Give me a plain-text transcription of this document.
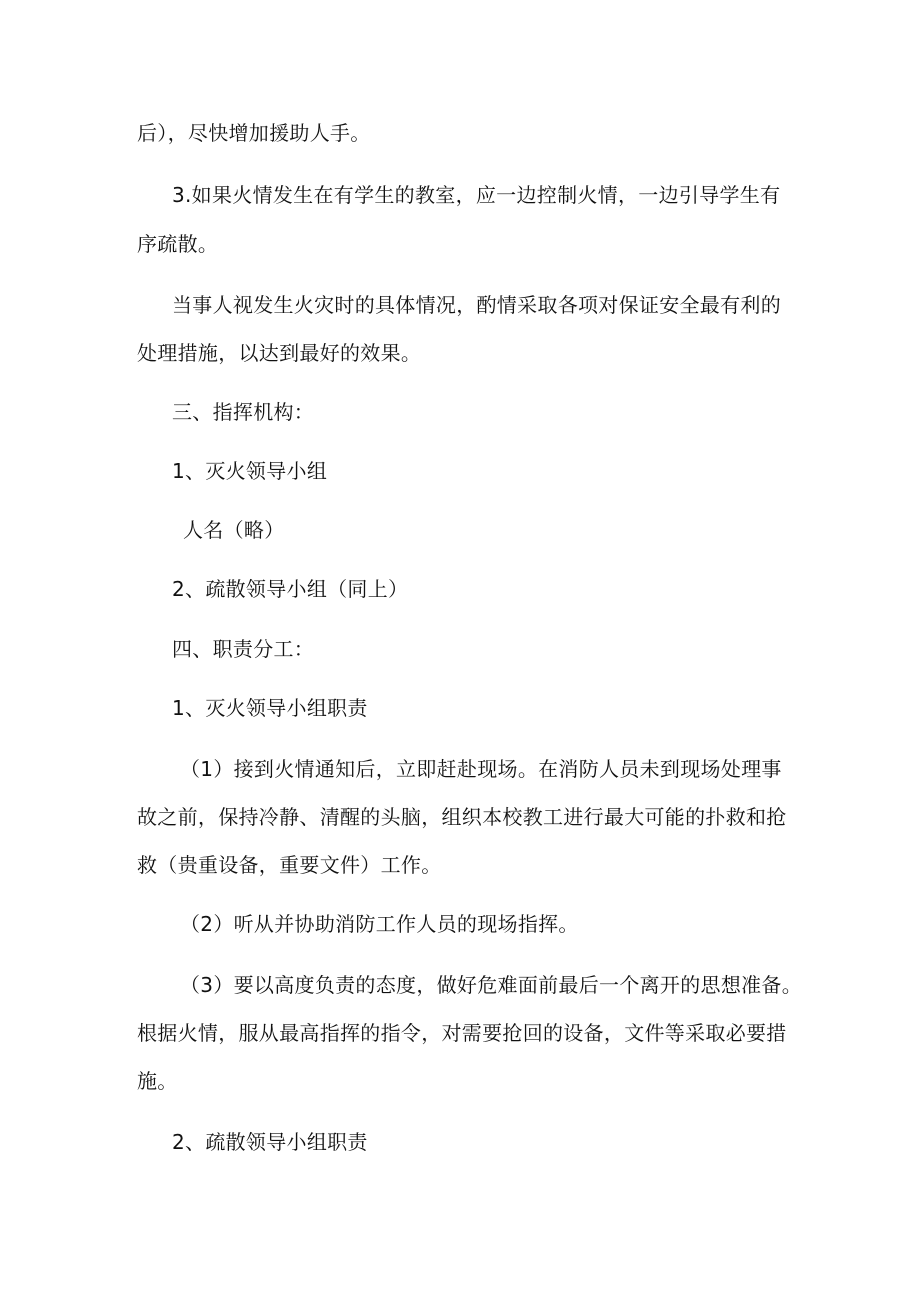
后），尽快增加援助人手。
3.如果火情发生在有学生的教室，应一边控制火情，一边引导学生有
序疏散。
当事人视发生火灾时的具体情况，酌情采取各项对保证安全最有利的
处理措施，以达到最好的效果。
三、指挥机构：
1、灭火领导小组
人名（略）
2、疏散领导小组（同上）
四、职责分工：
1、灭火领导小组职责
（1）接到火情通知后，立即赶赴现场。在消防人员未到现场处理事
故之前，保持冷静、清醒的头脑，组织本校教工进行最大可能的扑救和抢
救（贵重设备，重要文件）工作。
（2）听从并协助消防工作人员的现场指挥。
（3）要以高度负责的态度，做好危难面前最后一个离开的思想准备。
根据火情，服从最高指挥的指令，对需要抢回的设备，文件等采取必要措
施。
2、疏散领导小组职责
